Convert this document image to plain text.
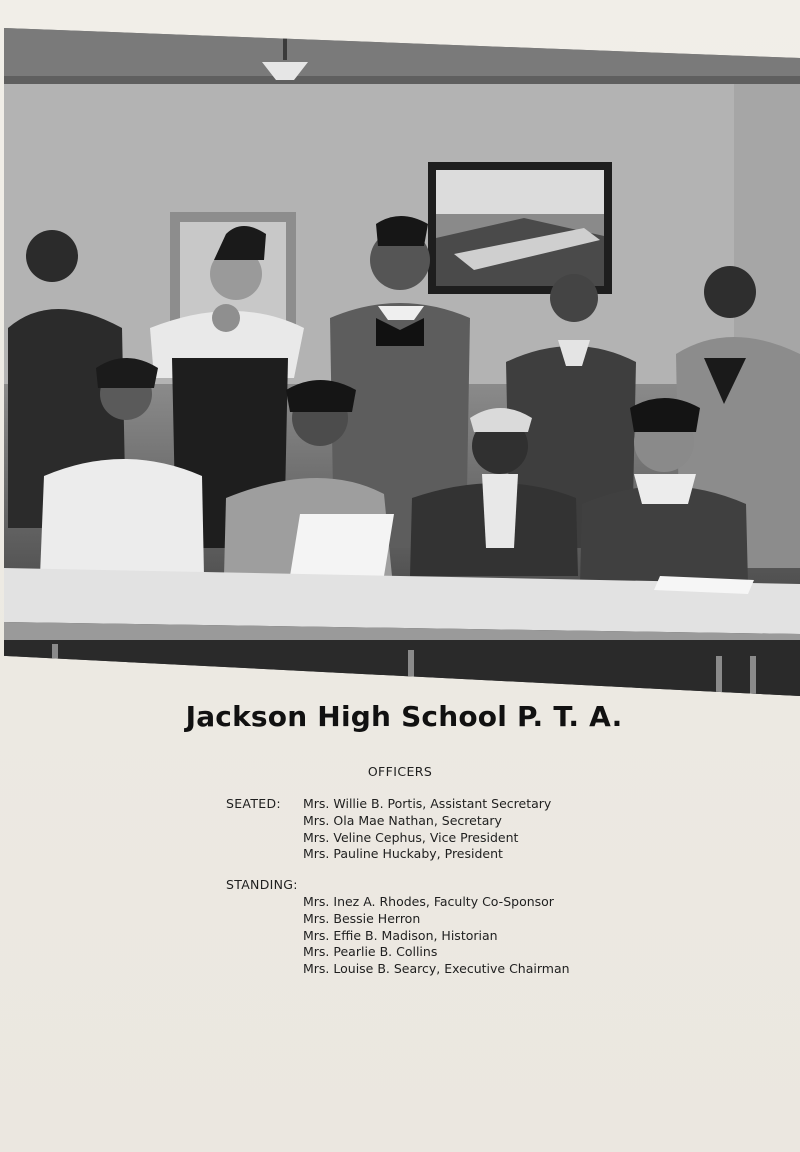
Jackson High School P. T. A.
OFFICERS
SEATED: Mrs. Willie B. Portis, Assistant Secretary
Mrs. Ola Mae Nathan, Secretary
Mrs. Veline Cephus, Vice President
Mrs. Pauline Huckaby, President
STANDING:
Mrs. Inez A. Rhodes, Faculty Co-Sponsor
Mrs. Bessie Herron
Mrs. Effie B. Madison, Historian
Mrs. Pearlie B. Collins
Mrs. Louise B. Searcy, Executive Chairman
